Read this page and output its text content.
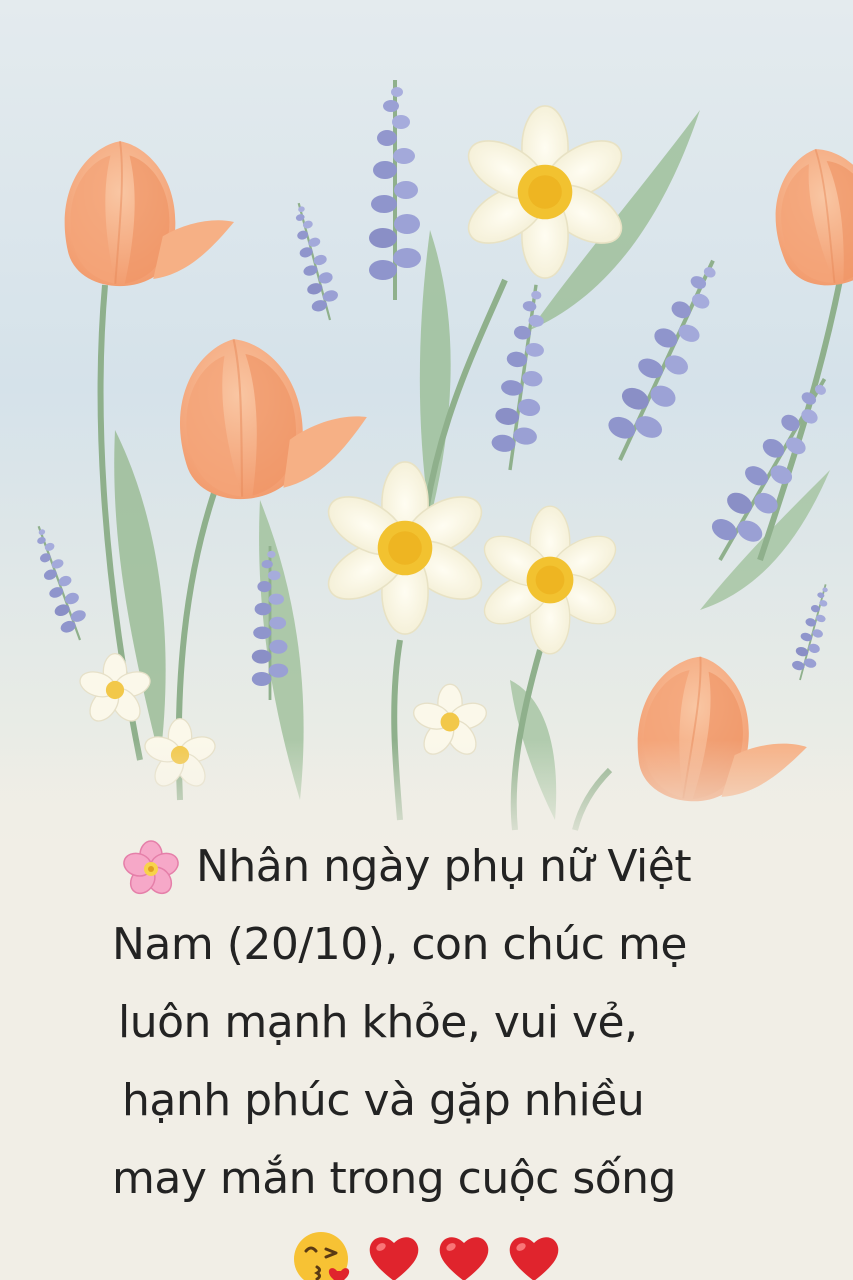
Nhân ngày phụ nữ Việt
Nam (20/10), con chúc mẹ
luôn mạnh khỏe, vui vẻ,
hạnh phúc và gặp nhiều
may mắn trong cuộc sống
